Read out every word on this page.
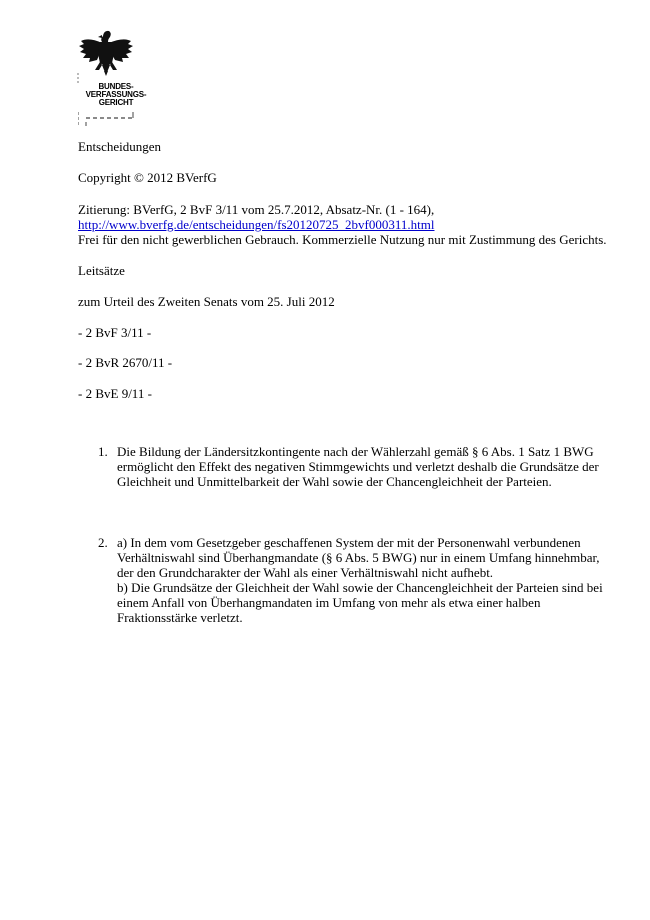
BUNDES-
VERFASSUNGS-
GERICHT
Entscheidungen
Copyright © 2012 BVerfG
Zitierung: BVerfG, 2 BvF 3/11 vom 25.7.2012, Absatz-Nr. (1 - 164),
http://www.bverfg.de/entscheidungen/fs20120725_2bvf000311.html
Frei für den nicht gewerblichen Gebrauch. Kommerzielle Nutzung nur mit Zustimmung des Gerichts.
Leitsätze
zum Urteil des Zweiten Senats vom 25. Juli 2012
- 2 BvF 3/11 -
- 2 BvR 2670/11 -
- 2 BvE 9/11 -
1. Die Bildung der Ländersitzkontingente nach der Wählerzahl gemäß § 6 Abs. 1 Satz 1 BWG
ermöglicht den Effekt des negativen Stimmgewichts und verletzt deshalb die Grundsätze der
Gleichheit und Unmittelbarkeit der Wahl sowie der Chancengleichheit der Parteien.
2. a) In dem vom Gesetzgeber geschaffenen System der mit der Personenwahl verbundenen
Verhältniswahl sind Überhangmandate (§ 6 Abs. 5 BWG) nur in einem Umfang hinnehmbar,
der den Grundcharakter der Wahl als einer Verhältniswahl nicht aufhebt.
b) Die Grundsätze der Gleichheit der Wahl sowie der Chancengleichheit der Parteien sind bei
einem Anfall von Überhangmandaten im Umfang von mehr als etwa einer halben
Fraktionsstärke verletzt.
